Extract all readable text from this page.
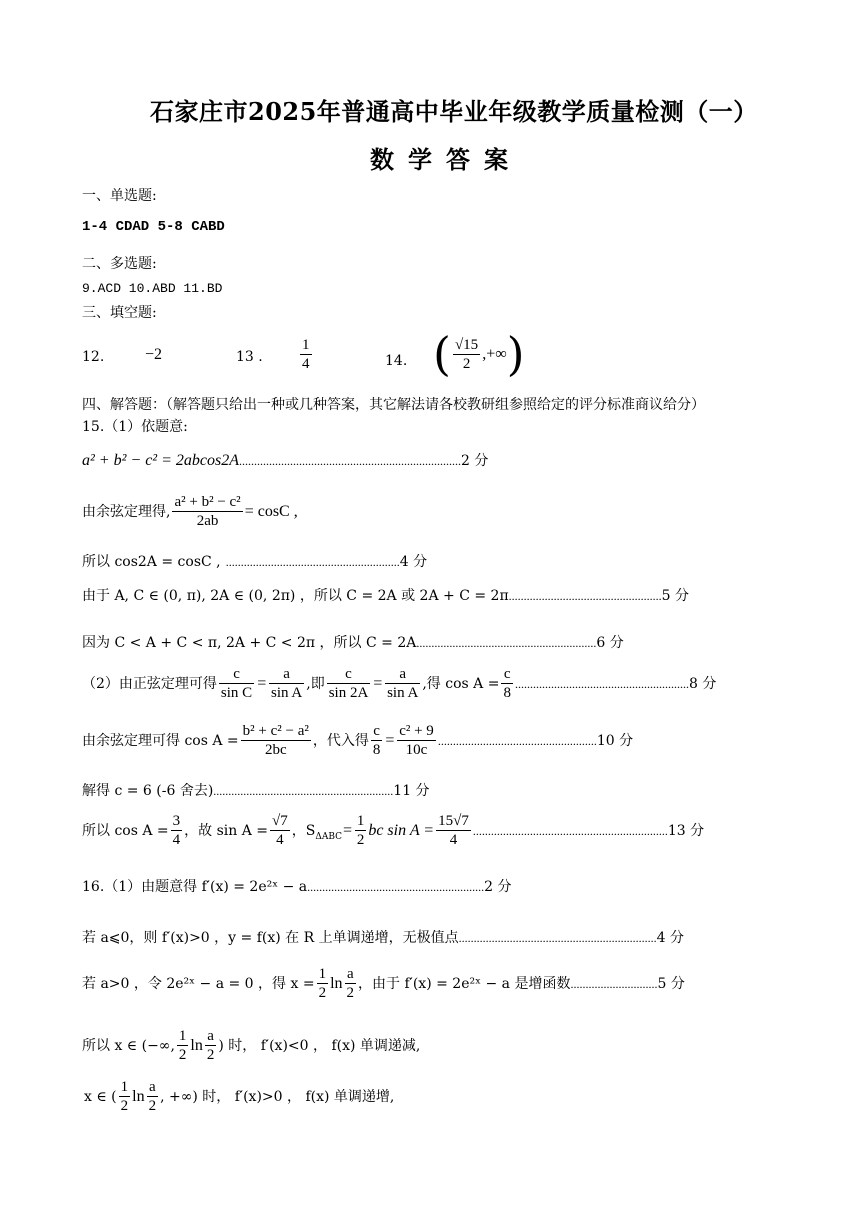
石家庄市2025年普通高中毕业年级教学质量检测（一）
数学答案
一、单选题:
1-4 CDAD 5-8 CABD
二、多选题:
9.ACD 10.ABD 11.BD
三、填空题:
12.	−2	13 . $\frac{1}{4}$	14. ( $\frac{√15}{2}$ ,+∞)
四、解答题：（解答题只给出一种或几种答案，其它解法请各校教研组参照给定的评分标准商议给分）
15.（1）依题意:
a² + b² − c² = 2abcos2A..........................................................................2 分
由余弦定理得, $\frac{\text{a² + b² − c²}}{2ab} = \cos C$ ,
所以 cos2A = cosC , ..........................................................4 分
由于 A, C ∈ (0, π), 2A ∈ (0, 2π) ，所以 C = 2A 或 2A + C = 2π...................................................5 分
因为 C < A + C < π, 2A + C < 2π ，所以 C = 2A............................................................6 分
（2）由正弦定理可得 $\frac{c}{\text{sin C}} = \frac{a}{\text{sin A}}$ ,即 $\frac{c}{\sin 2A} = \frac{a}{\text{sin A}}$ ,得 $\cos A = \frac{c}{8} ..........................................................8$ 分
由余弦定理可得 $\cos A = \frac{\text{b² + c² − a²}}{2bc}$ ，代入得 $\frac{c}{8} = \frac{\text{c² + 9}}{10c} .....................................................10$ 分
解得 c = 6 (-6 舍去)............................................................11 分
所以 $\cos A = \frac{3}{4}$ ，故 $\sin A = \frac{√7}{4}$ ，$S_{\Delta ABC}= \frac{1}{2}$ bc $\sin A = \frac{15√7}{4} .................................................................13$ 分
16.（1）由题意得 f′(x) = 2e²ˣ − a...........................................................2 分
若 a⩽0，则 f′(x)>0 ，y = f(x) 在 R 上单调递增，无极值点..................................................................4 分
若 a>0 ，令 2e²ˣ − a = 0 ，得 $x = \frac{1}{2}$ $\ln \frac{a}{2}$ ，由于 f′(x) = 2e²ˣ − a 是增函数.............................5 分
所以 x ∈ (−∞, $\frac{1}{2}$ $\ln \frac{a}{2}$ ) 时， f′(x)<0 ， f(x) 单调递减,
x ∈ ( $\frac{1}{2}$ $\ln \frac{a}{2}$ , +∞) 时， f′(x)>0 ， f(x) 单调递增,
